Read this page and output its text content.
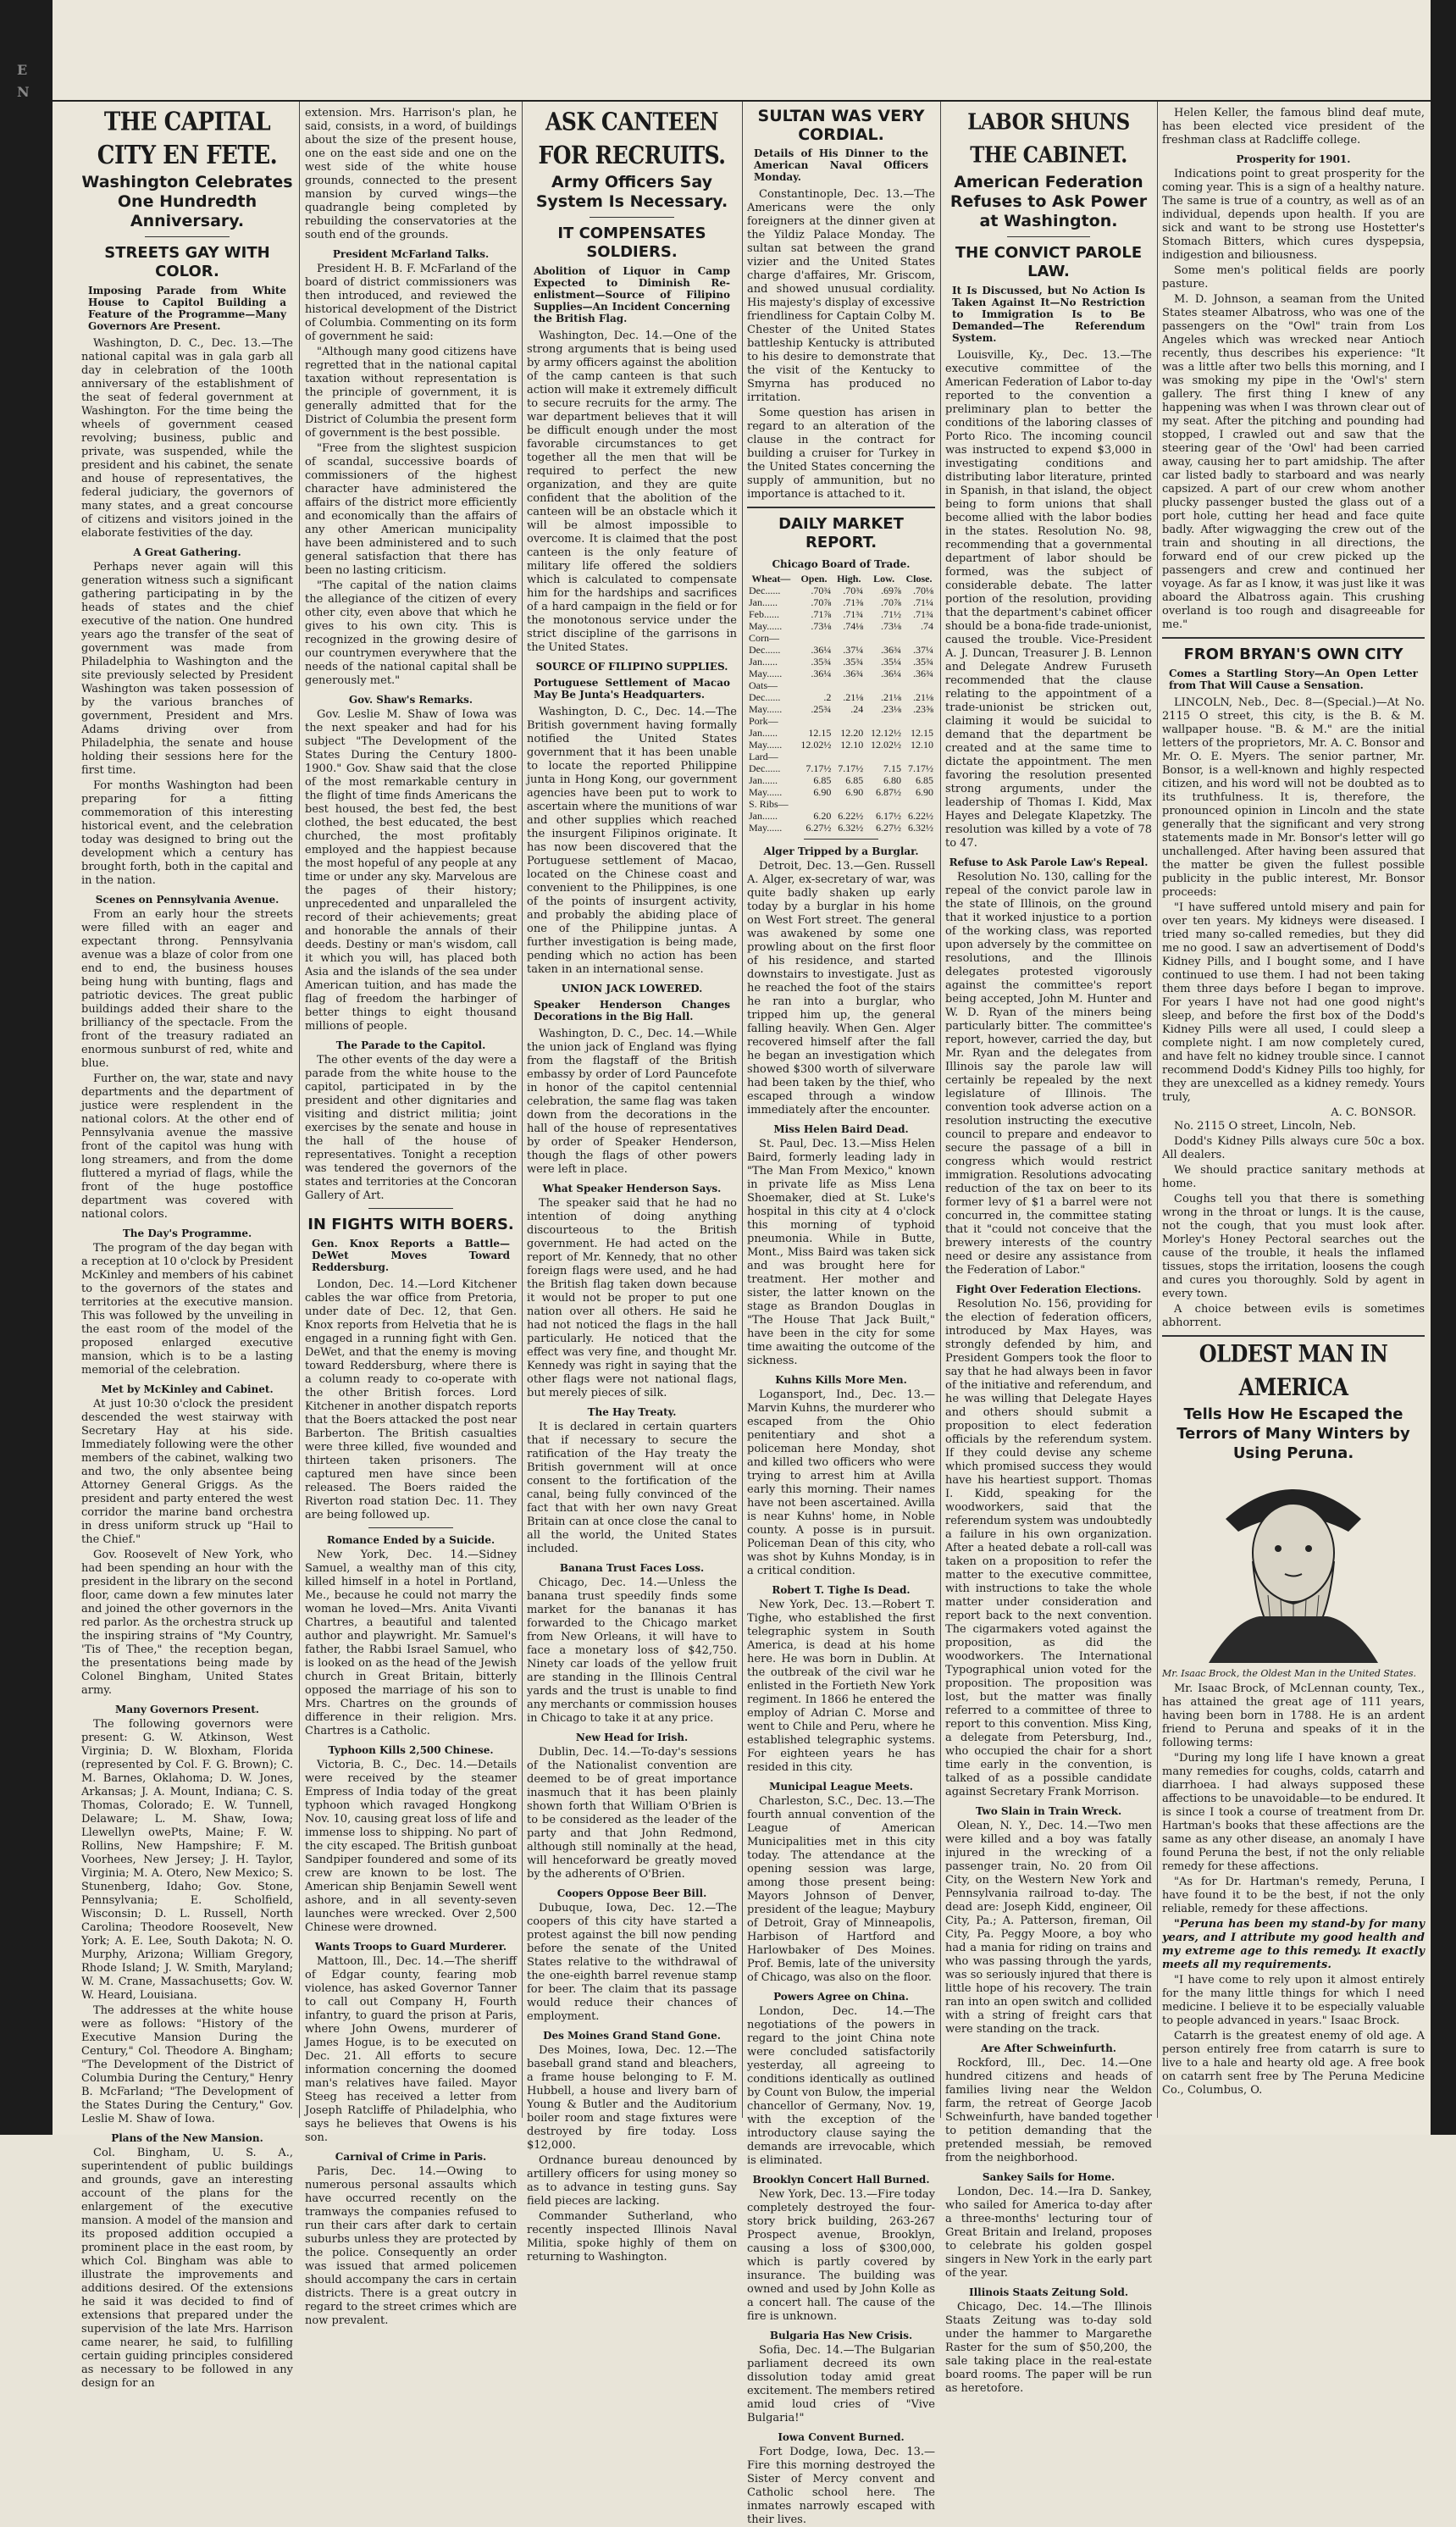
E N
THE CAPITAL CITY EN FETE.
Washington Celebrates One Hundredth Anniversary.
STREETS GAY WITH COLOR.
Imposing Parade from White House to Capitol Building a Feature of the Programme—Many Governors Are Present.

Washington, D. C., Dec. 13.—The national capital was in gala garb all day in celebration of the 100th anniversary of the establishment of the seat of federal government at Washington. For the time being the wheels of government ceased revolving; business, public and private, was suspended, while the president and his cabinet, the senate and house of representatives, the federal judiciary, the governors of many states, and a great concourse of citizens and visitors joined in the elaborate festivities of the day.

A Great Gathering.

Perhaps never again will this generation witness such a significant gathering participating in by the heads of states and the chief executive of the nation. One hundred years ago the transfer of the seat of government was made from Philadelphia to Washington and the site previously selected by President Washington was taken possession of by the various branches of government, President and Mrs. Adams driving over from Philadelphia, the senate and house holding their sessions here for the first time.

For months Washington had been preparing for a fitting commemoration of this interesting historical event, and the celebration today was designed to bring out the development which a century has brought forth, both in the capital and in the nation.

Scenes on Pennsylvania Avenue.

From an early hour the streets were filled with an eager and expectant throng. Pennsylvania avenue was a blaze of color from one end to end, the business houses being hung with bunting, flags and patriotic devices. The great public buildings added their share to the brilliancy of the spectacle. From the front of the treasury radiated an enormous sunburst of red, white and blue.

Further on, the war, state and navy departments and the department of justice were resplendent in the national colors. At the other end of Pennsylvania avenue the massive front of the capitol was hung with long streamers, and from the dome fluttered a myriad of flags, while the front of the huge postoffice department was covered with national colors.

The Day's Programme.

The program of the day began with a reception at 10 o'clock by President McKinley and members of his cabinet to the governors of the states and territories at the executive mansion. This was followed by the unveiling in the east room of the model of the proposed enlarged executive mansion, which is to be a lasting memorial of the celebration.

Met by McKinley and Cabinet.

At just 10:30 o'clock the president descended the west stairway with Secretary Hay at his side. Immediately following were the other members of the cabinet, walking two and two, the only absentee being Attorney General Griggs. As the president and party entered the west corridor the marine band orchestra in dress uniform struck up "Hail to the Chief."

Gov. Roosevelt of New York, who had been spending an hour with the president in the library on the second floor, came down a few minutes later and joined the other governors in the red parlor. As the orchestra struck up the inspiring strains of "My Country, 'Tis of Thee," the reception began, the presentations being made by Colonel Bingham, United States army.

Many Governors Present.

The following governors were present: G. W. Atkinson, West Virginia; D. W. Bloxham, Florida (represented by Col. F. G. Brown); C. M. Barnes, Oklahoma; D. W. Jones, Arkansas; J. A. Mount, Indiana; C. S. Thomas, Colorado; E. W. Tunnell, Delaware; L. M. Shaw, Iowa; Llewellyn owePts, Maine; F. W. Rollins, New Hampshire; F. M. Voorhees, New Jersey; J. H. Taylor, Virginia; M. A. Otero, New Mexico; S. Stunenberg, Idaho; Gov. Stone, Pennsylvania; E. Scholfield, Wisconsin; D. L. Russell, North Carolina; Theodore Roosevelt, New York; A. E. Lee, South Dakota; N. O. Murphy, Arizona; William Gregory, Rhode Island; J. W. Smith, Maryland; W. M. Crane, Massachusetts; Gov. W. W. Heard, Louisiana.

The addresses at the white house were as follows: "History of the Executive Mansion During the Century," Col. Theodore A. Bingham; "The Development of the District of Columbia During the Century," Henry B. McFarland; "The Development of the States During the Century," Gov. Leslie M. Shaw of Iowa.

Plans of the New Mansion.

Col. Bingham, U. S. A., superintendent of public buildings and grounds, gave an interesting account of the plans for the enlargement of the executive mansion. A model of the mansion and its proposed addition occupied a prominent place in the east room, by which Col. Bingham was able to illustrate the improvements and additions desired. Of the extensions he said it was decided to find of extensions that prepared under the supervision of the late Mrs. Harrison came nearer, he said, to fulfilling certain guiding principles considered as necessary to be followed in any design for an

extension. Mrs. Harrison's plan, he said, consists, in a word, of buildings about the size of the present house, one on the east side and one on the west side of the white house grounds, connected to the present mansion by curved wings—the quadrangle being completed by rebuilding the conservatories at the south end of the grounds.

President McFarland Talks.

President H. B. F. McFarland of the board of district commissioners was then introduced, and reviewed the historical development of the District of Columbia. Commenting on its form of government he said:

"Although many good citizens have regretted that in the national capital taxation without representation is the principle of government, it is generally admitted that for the District of Columbia the present form of government is the best possible.

"Free from the slightest suspicion of scandal, successive boards of commissioners of the highest character have administered the affairs of the district more efficiently and economically than the affairs of any other American municipality have been administered and to such general satisfaction that there has been no lasting criticism.

"The capital of the nation claims the allegiance of the citizen of every other city, even above that which he gives to his own city. This is recognized in the growing desire of our countrymen everywhere that the needs of the national capital shall be generously met."

Gov. Shaw's Remarks.

Gov. Leslie M. Shaw of Iowa was the next speaker and had for his subject "The Development of the States During the Century 1800-1900." Gov. Shaw said that the close of the most remarkable century in the flight of time finds Americans the best housed, the best fed, the best clothed, the best educated, the best churched, the most profitably employed and the happiest because the most hopeful of any people at any time or under any sky. Marvelous are the pages of their history; unprecedented and unparalleled the record of their achievements; great and honorable the annals of their deeds. Destiny or man's wisdom, call it which you will, has placed both Asia and the islands of the sea under American tuition, and has made the flag of freedom the harbinger of better things to eight thousand millions of people.

The Parade to the Capitol.

The other events of the day were a parade from the white house to the capitol, participated in by the president and other dignitaries and visiting and district militia; joint exercises by the senate and house in the hall of the house of representatives. Tonight a reception was tendered the governors of the states and territories at the Concoran Gallery of Art.

IN FIGHTS WITH BOERS.
Gen. Knox Reports a Battle—DeWet Moves Toward Reddersburg.

London, Dec. 14.—Lord Kitchener cables the war office from Pretoria, under date of Dec. 12, that Gen. Knox reports from Helvetia that he is engaged in a running fight with Gen. DeWet, and that the enemy is moving toward Reddersburg, where there is a column ready to co-operate with the other British forces. Lord Kitchener in another dispatch reports that the Boers attacked the post near Barberton. The British casualties were three killed, five wounded and thirteen taken prisoners. The captured men have since been released. The Boers raided the Riverton road station Dec. 11. They are being followed up.

Romance Ended by a Suicide.

New York, Dec. 14.—Sidney Samuel, a wealthy man of this city, killed himself in a hotel in Portland, Me., because he could not marry the woman he loved—Mrs. Anita Vivanti Chartres, a beautiful and talented author and playwright. Mr. Samuel's father, the Rabbi Israel Samuel, who is looked on as the head of the Jewish church in Great Britain, bitterly opposed the marriage of his son to Mrs. Chartres on the grounds of difference in their religion. Mrs. Chartres is a Catholic.

Typhoon Kills 2,500 Chinese.

Victoria, B. C., Dec. 14.—Details were received by the steamer Empress of India today of the great typhoon which ravaged Hongkong Nov. 10, causing great loss of life and immense loss to shipping. No part of the city escaped. The British gunboat Sandpiper foundered and some of its crew are known to be lost. The American ship Benjamin Sewell went ashore, and in all seventy-seven launches were wrecked. Over 2,500 Chinese were drowned.

Wants Troops to Guard Murderer.

Mattoon, Ill., Dec. 14.—The sheriff of Edgar county, fearing mob violence, has asked Governor Tanner to call out Company H, Fourth infantry, to guard the prison at Paris, where John Owens, murderer of James Hogue, is to be executed on Dec. 21. All efforts to secure information concerning the doomed man's relatives have failed. Mayor Steeg has received a letter from Joseph Ratcliffe of Philadelphia, who says he believes that Owens is his son.

Carnival of Crime in Paris.

Paris, Dec. 14.—Owing to numerous personal assaults which have occurred recently on the tramways the companies refused to run their cars after dark to certain suburbs unless they are protected by the police. Consequently an order was issued that armed policemen should accompany the cars in certain districts. There is a great outcry in regard to the street crimes which are now prevalent.

ASK CANTEEN FOR RECRUITS.
Army Officers Say System Is Necessary.
IT COMPENSATES SOLDIERS.
Abolition of Liquor in Camp Expected to Diminish Re-enlistment—Source of Filipino Supplies—An Incident Concerning the British Flag.

Washington, Dec. 14.—One of the strong arguments that is being used by army officers against the abolition of the camp canteen is that such action will make it extremely difficult to secure recruits for the army. The war department believes that it will be difficult enough under the most favorable circumstances to get together all the men that will be required to perfect the new organization, and they are quite confident that the abolition of the canteen will be an obstacle which it will be almost impossible to overcome. It is claimed that the post canteen is the only feature of military life offered the soldiers which is calculated to compensate him for the hardships and sacrifices of a hard campaign in the field or for the monotonous service under the strict discipline of the garrisons in the United States.

SOURCE OF FILIPINO SUPPLIES.
Portuguese Settlement of Macao May Be Junta's Headquarters.

Washington, D. C., Dec. 14.—The British government having formally notified the United States government that it has been unable to locate the reported Philippine junta in Hong Kong, our government agencies have been put to work to ascertain where the munitions of war and other supplies which reached the insurgent Filipinos originate. It has now been discovered that the Portuguese settlement of Macao, located on the Chinese coast and convenient to the Philippines, is one of the points of insurgent activity, and probably the abiding place of one of the Philippine juntas. A further investigation is being made, pending which no action has been taken in an international sense.

UNION JACK LOWERED.
Speaker Henderson Changes Decorations in the Big Hall.

Washington, D. C., Dec. 14.—While the union jack of England was flying from the flagstaff of the British embassy by order of Lord Pauncefote in honor of the capitol centennial celebration, the same flag was taken down from the decorations in the hall of the house of representatives by order of Speaker Henderson, though the flags of other powers were left in place.

What Speaker Henderson Says.

The speaker said that he had no intention of doing anything discourteous to the British government. He had acted on the report of Mr. Kennedy, that no other foreign flags were used, and he had the British flag taken down because it would not be proper to put one nation over all others. He said he had not noticed the flags in the hall particularly. He noticed that the effect was very fine, and thought Mr. Kennedy was right in saying that the other flags were not national flags, but merely pieces of silk.

The Hay Treaty.

It is declared in certain quarters that if necessary to secure the ratification of the Hay treaty the British government will at once consent to the fortification of the canal, being fully convinced of the fact that with her own navy Great Britain can at once close the canal to all the world, the United States included.

Banana Trust Faces Loss.

Chicago, Dec. 14.—Unless the banana trust speedily finds some market for the bananas it has forwarded to the Chicago market from New Orleans, it will have to face a monetary loss of $42,750. Ninety car loads of the yellow fruit are standing in the Illinois Central yards and the trust is unable to find any merchants or commission houses in Chicago to take it at any price.

New Head for Irish.

Dublin, Dec. 14.—To-day's sessions of the Nationalist convention are deemed to be of great importance inasmuch that it has been plainly shown forth that William O'Brien is to be considered as the leader of the party and that John Redmond, although still nominally at the head, will henceforward be greatly moved by the adherents of O'Brien.

Coopers Oppose Beer Bill.

Dubuque, Iowa, Dec. 12.—The coopers of this city have started a protest against the bill now pending before the senate of the United States relative to the withdrawal of the one-eighth barrel revenue stamp for beer. The claim that its passage would reduce their chances of employment.

Des Moines Grand Stand Gone.

Des Moines, Iowa, Dec. 12.—The baseball grand stand and bleachers, a frame house belonging to F. M. Hubbell, a house and livery barn of Young & Butler and the Auditorium boiler room and stage fixtures were destroyed by fire today. Loss $12,000.

Ordnance bureau denounced by artillery officers for using money so as to advance in testing guns. Say field pieces are lacking.

Commander Sutherland, who recently inspected Illinois Naval Militia, spoke highly of them on returning to Washington.

SULTAN WAS VERY CORDIAL.
Details of His Dinner to the American Naval Officers Monday.

Constantinople, Dec. 13.—The Americans were the only foreigners at the dinner given at the Yildiz Palace Monday. The sultan sat between the grand vizier and the United States charge d'affaires, Mr. Griscom, and showed unusual cordiality. His majesty's display of excessive friendliness for Captain Colby M. Chester of the United States battleship Kentucky is attributed to his desire to demonstrate that the visit of the Kentucky to Smyrna has produced no irritation.

Some question has arisen in regard to an alteration of the clause in the contract for building a cruiser for Turkey in the United States concerning the supply of ammunition, but no importance is attached to it.

DAILY MARKET REPORT.
Chicago Board of Trade.
Wheat—	Open.	High.	Low.	Close.
Dec......	.70¾	.70¾	.69⅞	.70⅛
Jan......	.70⅞	.71⅜	.70⅞	.71¼
Feb......	.71⅞	.71¾	.71½	.71¾
May......	.73⅛	.74⅛	.73⅛	.74
Corn—				
Dec......	.36¼	.37¼	.36¾	.37¼
Jan......	.35¾	.35¾	.35¼	.35¾
May......	.36¼	.36¾	.36¼	.36¾
Oats—				
Dec......	.2	.21⅛	.21⅛	.21⅛
May......	.25¾	.24	.23⅛	.23⅝
Pork—				
Jan......	12.15	12.20	12.12½	12.15
May......	12.02½	12.10	12.02½	12.10
Lard—				
Dec......	7.17½	7.17½	7.15	7.17½
Jan......	6.85	6.85	6.80	6.85
May......	6.90	6.90	6.87½	6.90
S. Ribs—				
Jan......	6.20	6.22½	6.17½	6.22½
May......	6.27½	6.32½	6.27½	6.32½
Alger Tripped by a Burglar.

Detroit, Dec. 13.—Gen. Russell A. Alger, ex-secretary of war, was quite badly shaken up early today by a burglar in his home on West Fort street. The general was awakened by some one prowling about on the first floor of his residence, and started downstairs to investigate. Just as he reached the foot of the stairs he ran into a burglar, who tripped him up, the general falling heavily. When Gen. Alger recovered himself after the fall he began an investigation which showed $300 worth of silverware had been taken by the thief, who escaped through a window immediately after the encounter.

Miss Helen Baird Dead.

St. Paul, Dec. 13.—Miss Helen Baird, formerly leading lady in "The Man From Mexico," known in private life as Miss Lena Shoemaker, died at St. Luke's hospital in this city at 4 o'clock this morning of typhoid pneumonia. While in Butte, Mont., Miss Baird was taken sick and was brought here for treatment. Her mother and sister, the latter known on the stage as Brandon Douglas in "The House That Jack Built," have been in the city for some time awaiting the outcome of the sickness.

Kuhns Kills More Men.

Logansport, Ind., Dec. 13.—Marvin Kuhns, the murderer who escaped from the Ohio penitentiary and shot a policeman here Monday, shot and killed two officers who were trying to arrest him at Avilla early this morning. Their names have not been ascertained. Avilla is near Kuhns' home, in Noble county. A posse is in pursuit. Policeman Dean of this city, who was shot by Kuhns Monday, is in a critical condition.

Robert T. Tighe Is Dead.

New York, Dec. 13.—Robert T. Tighe, who established the first telegraphic system in South America, is dead at his home here. He was born in Dublin. At the outbreak of the civil war he enlisted in the Fortieth New York regiment. In 1866 he entered the employ of Adrian C. Morse and went to Chile and Peru, where he established telegraphic systems. For eighteen years he has resided in this city.

Municipal League Meets.

Charleston, S.C., Dec. 13.—The fourth annual convention of the League of American Municipalities met in this city today. The attendance at the opening session was large, among those present being: Mayors Johnson of Denver, president of the league; Maybury of Detroit, Gray of Minneapolis, Harbison of Hartford and Harlowbaker of Des Moines. Prof. Bemis, late of the university of Chicago, was also on the floor.

Powers Agree on China.

London, Dec. 14.—The negotiations of the powers in regard to the joint China note were concluded satisfactorily yesterday, all agreeing to conditions identically as outlined by Count von Bulow, the imperial chancellor of Germany, Nov. 19, with the exception of the introductory clause saying the demands are irrevocable, which is eliminated.

Brooklyn Concert Hall Burned.

New York, Dec. 13.—Fire today completely destroyed the four-story brick building, 263-267 Prospect avenue, Brooklyn, causing a loss of $300,000, which is partly covered by insurance. The building was owned and used by John Kolle as a concert hall. The cause of the fire is unknown.

Bulgaria Has New Crisis.

Sofia, Dec. 14.—The Bulgarian parliament decreed its own dissolution today amid great excitement. The members retired amid loud cries of "Vive Bulgaria!"

Iowa Convent Burned.

Fort Dodge, Iowa, Dec. 13.—Fire this morning destroyed the Sister of Mercy convent and Catholic school here. The inmates narrowly escaped with their lives.

LABOR SHUNS THE CABINET.
American Federation Refuses to Ask Power at Washington.
THE CONVICT PAROLE LAW.
It Is Discussed, but No Action Is Taken Against It—No Restriction to Immigration Is to Be Demanded—The Referendum System.

Louisville, Ky., Dec. 13.—The executive committee of the American Federation of Labor to-day reported to the convention a preliminary plan to better the conditions of the laboring classes of Porto Rico. The incoming council was instructed to expend $3,000 in investigating conditions and distributing labor literature, printed in Spanish, in that island, the object being to form unions that shall become allied with the labor bodies in the states. Resolution No. 98, recommending that a governmental department of labor should be formed, was the subject of considerable debate. The latter portion of the resolution, providing that the department's cabinet officer should be a bona-fide trade-unionist, caused the trouble. Vice-President A. J. Duncan, Treasurer J. B. Lennon and Delegate Andrew Furuseth recommended that the clause relating to the appointment of a trade-unionist be stricken out, claiming it would be suicidal to demand that the department be created and at the same time to dictate the appointment. The men favoring the resolution presented strong arguments, under the leadership of Thomas I. Kidd, Max Hayes and Delegate Klapetzky. The resolution was killed by a vote of 78 to 47.

Refuse to Ask Parole Law's Repeal.

Resolution No. 130, calling for the repeal of the convict parole law in the state of Illinois, on the ground that it worked injustice to a portion of the working class, was reported upon adversely by the committee on resolutions, and the Illinois delegates protested vigorously against the committee's report being accepted, John M. Hunter and W. D. Ryan of the miners being particularly bitter. The committee's report, however, carried the day, but Mr. Ryan and the delegates from Illinois say the parole law will certainly be repealed by the next legislature of Illinois. The convention took adverse action on a resolution instructing the executive council to prepare and endeavor to secure the passage of a bill in congress which would restrict immigration. Resolutions advocating reduction of the tax on beer to its former levy of $1 a barrel were not concurred in, the committee stating that it "could not conceive that the brewery interests of the country need or desire any assistance from the Federation of Labor."

Fight Over Federation Elections.

Resolution No. 156, providing for the election of federation officers, introduced by Max Hayes, was strongly defended by him, and President Gompers took the floor to say that he had always been in favor of the initiative and referendum, and he was willing that Delegate Hayes and others should submit a proposition to elect federation officials by the referendum system. If they could devise any scheme which promised success they would have his heartiest support. Thomas I. Kidd, speaking for the woodworkers, said that the referendum system was undoubtedly a failure in his own organization. After a heated debate a roll-call was taken on a proposition to refer the matter to the executive committee, with instructions to take the whole matter under consideration and report back to the next convention. The cigarmakers voted against the proposition, as did the woodworkers. The International Typographical union voted for the proposition. The proposition was lost, but the matter was finally referred to a committee of three to report to this convention. Miss King, a delegate from Petersburg, Ind., who occupied the chair for a short time early in the convention, is talked of as a possible candidate against Secretary Frank Morrison.

Two Slain in Train Wreck.

Olean, N. Y., Dec. 14.—Two men were killed and a boy was fatally injured in the wrecking of a passenger train, No. 20 from Oil City, on the Western New York and Pennsylvania railroad to-day. The dead are: Joseph Kidd, engineer, Oil City, Pa.; A. Patterson, fireman, Oil City, Pa. Peggy Moore, a boy who had a mania for riding on trains and who was passing through the yards, was so seriously injured that there is little hope of his recovery. The train ran into an open switch and collided with a string of freight cars that were standing on the track.

Are After Schweinfurth.

Rockford, Ill., Dec. 14.—One hundred citizens and heads of families living near the Weldon farm, the retreat of George Jacob Schweinfurth, have banded together to petition demanding that the pretended messiah, be removed from the neighborhood.

Sankey Sails for Home.

London, Dec. 14.—Ira D. Sankey, who sailed for America to-day after a three-months' lecturing tour of Great Britain and Ireland, proposes to celebrate his golden gospel singers in New York in the early part of the year.

Illinois Staats Zeitung Sold.

Chicago, Dec. 14.—The Illinois Staats Zeitung was to-day sold under the hammer to Margarethe Raster for the sum of $50,200, the sale taking place in the real-estate board rooms. The paper will be run as heretofore.

Helen Keller, the famous blind deaf mute, has been elected vice president of the freshman class at Radcliffe college.

Prosperity for 1901.

Indications point to great prosperity for the coming year. This is a sign of a healthy nature. The same is true of a country, as well as of an individual, depends upon health. If you are sick and want to be strong use Hostetter's Stomach Bitters, which cures dyspepsia, indigestion and biliousness.

Some men's political fields are poorly pasture.

M. D. Johnson, a seaman from the United States steamer Albatross, who was one of the passengers on the "Owl" train from Los Angeles which was wrecked near Antioch recently, thus describes his experience: "It was a little after two bells this morning, and I was smoking my pipe in the 'Owl's' stern gallery. The first thing I knew of any happening was when I was thrown clear out of my seat. After the pitching and pounding had stopped, I crawled out and saw that the steering gear of the 'Owl' had been carried away, causing her to part amidship. The after car listed badly to starboard and was nearly capsized. A part of our crew whom another plucky passenger busted the glass out of a port hole, cutting her head and face quite badly. After wigwagging the crew out of the train and shouting in all directions, the forward end of our crew picked up the passengers and crew and continued her voyage. As far as I know, it was just like it was aboard the Albatross again. This crushing overland is too rough and disagreeable for me."

FROM BRYAN'S OWN CITY
Comes a Startling Story—An Open Letter from That Will Cause a Sensation.

LINCOLN, Neb., Dec. 8—(Special.)—At No. 2115 O street, this city, is the B. & M. wallpaper house. "B. & M." are the initial letters of the proprietors, Mr. A. C. Bonsor and Mr. O. E. Myers. The senior partner, Mr. Bonsor, is a well-known and highly respected citizen, and his word will not be doubted as to its truthfulness. It is, therefore, the pronounced opinion in Lincoln and the state generally that the significant and very strong statements made in Mr. Bonsor's letter will go unchallenged. After having been assured that the matter be given the fullest possible publicity in the public interest, Mr. Bonsor proceeds:

"I have suffered untold misery and pain for over ten years. My kidneys were diseased. I tried many so-called remedies, but they did me no good. I saw an advertisement of Dodd's Kidney Pills, and I bought some, and I have continued to use them. I had not been taking them three days before I began to improve. For years I have not had one good night's sleep, and before the first box of the Dodd's Kidney Pills were all used, I could sleep a complete night. I am now completely cured, and have felt no kidney trouble since. I cannot recommend Dodd's Kidney Pills too highly, for they are unexcelled as a kidney remedy. Yours truly,

A. C. BONSOR.

No. 2115 O street, Lincoln, Neb.

Dodd's Kidney Pills always cure 50c a box. All dealers.

We should practice sanitary methods at home.

Coughs tell you that there is something wrong in the throat or lungs. It is the cause, not the cough, that you must look after. Morley's Honey Pectoral searches out the cause of the trouble, it heals the inflamed tissues, stops the irritation, loosens the cough and cures you thoroughly. Sold by agent in every town.

A choice between evils is sometimes abhorrent.

OLDEST MAN IN AMERICA
Tells How He Escaped the Terrors of Many Winters by Using Peruna.
Mr. Isaac Brock, the Oldest Man in the United States.

Mr. Isaac Brock, of McLennan county, Tex., has attained the great age of 111 years, having been born in 1788. He is an ardent friend to Peruna and speaks of it in the following terms:

"During my long life I have known a great many remedies for coughs, colds, catarrh and diarrhoea. I had always supposed these affections to be unavoidable—to be endured. It is since I took a course of treatment from Dr. Hartman's books that these affections are the same as any other disease, an anomaly I have found Peruna the best, if not the only reliable remedy for these affections.

"As for Dr. Hartman's remedy, Peruna, I have found it to be the best, if not the only reliable, remedy for these affections.

"Peruna has been my stand-by for many years, and I attribute my good health and my extreme age to this remedy. It exactly meets all my requirements.

"I have come to rely upon it almost entirely for the many little things for which I need medicine. I believe it to be especially valuable to people advanced in years." Isaac Brock.

Catarrh is the greatest enemy of old age. A person entirely free from catarrh is sure to live to a hale and hearty old age. A free book on catarrh sent free by The Peruna Medicine Co., Columbus, O.
